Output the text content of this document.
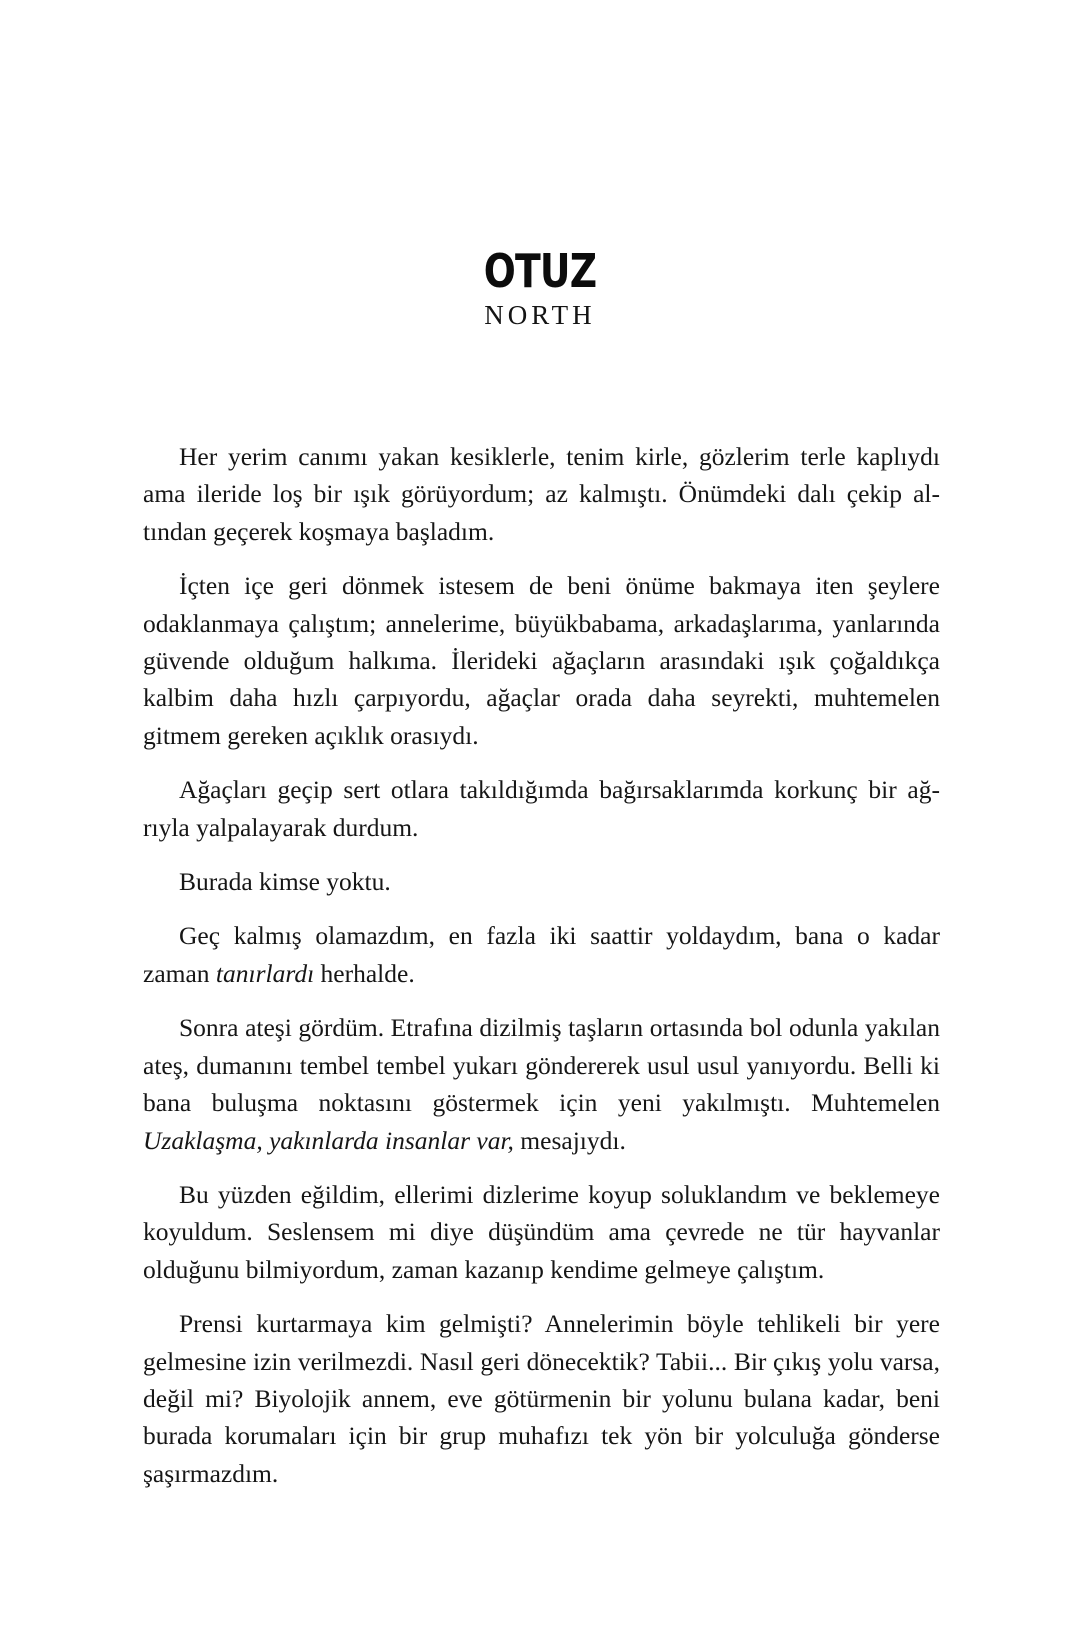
OTUZ
NORTH

Her yerim canımı yakan kesiklerle, tenim kirle, gözlerim terle kaplıydı ama ileride loş bir ışık görüyordum; az kalmıştı. Önümdeki dalı çekip altından geçerek koşmaya başladım.

İçten içe geri dönmek istesem de beni önüme bakmaya iten şeylere odaklanmaya çalıştım; annelerime, büyükbabama, arkadaşlarıma, yanlarında güvende olduğum halkıma. İlerideki ağaçların arasındaki ışık çoğaldıkça kalbim daha hızlı çarpıyordu, ağaçlar orada daha seyrekti, muhtemelen gitmem gereken açıklık orasıydı.

Ağaçları geçip sert otlara takıldığımda bağırsaklarımda korkunç bir ağrıyla yalpalayarak durdum.

Burada kimse yoktu.

Geç kalmış olamazdım, en fazla iki saattir yoldaydım, bana o kadar zaman tanırlardı herhalde.

Sonra ateşi gördüm. Etrafına dizilmiş taşların ortasında bol odunla yakılan ateş, dumanını tembel tembel yukarı göndererek usul usul yanıyordu. Belli ki bana buluşma noktasını göstermek için yeni yakılmıştı. Muhtemelen Uzaklaşma, yakınlarda insanlar var, mesajıydı.

Bu yüzden eğildim, ellerimi dizlerime koyup soluklandım ve beklemeye koyuldum. Seslensem mi diye düşündüm ama çevrede ne tür hayvanlar olduğunu bilmiyordum, zaman kazanıp kendime gelmeye çalıştım.

Prensi kurtarmaya kim gelmişti? Annelerimin böyle tehlikeli bir yere gelmesine izin verilmezdi. Nasıl geri dönecektik? Tabii... Bir çıkış yolu varsa, değil mi? Biyolojik annem, eve götürmenin bir yolunu bulana kadar, beni burada korumaları için bir grup muhafızı tek yön bir yolculuğa gönderse şaşırmazdım.
